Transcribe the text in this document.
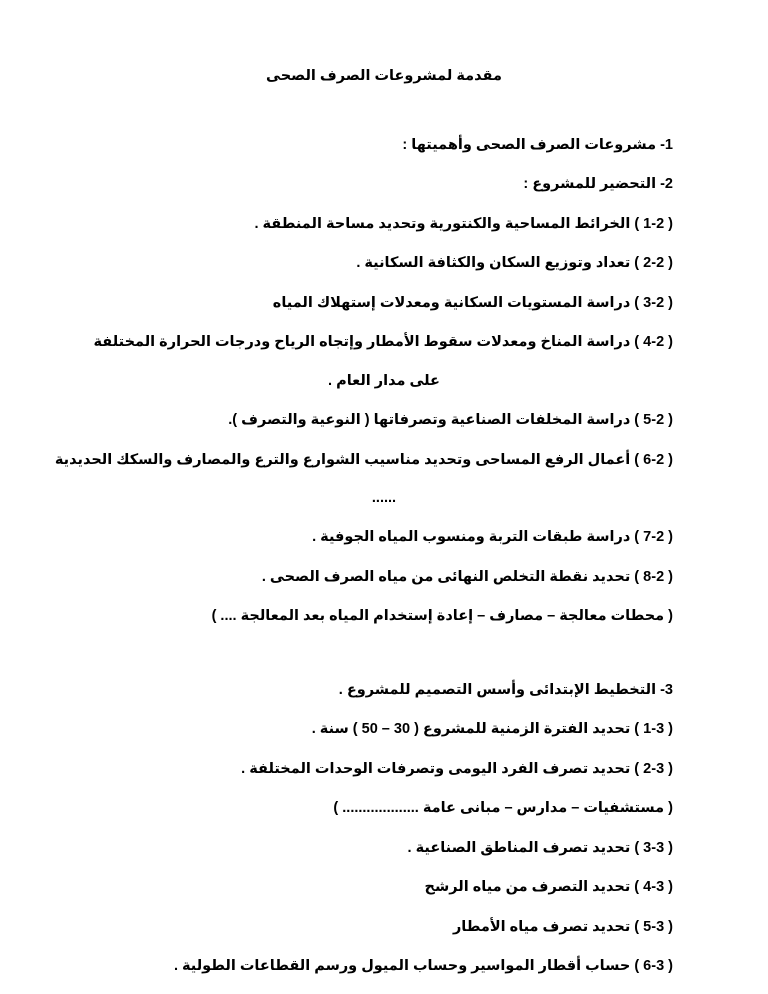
مقدمة لمشروعات الصرف الصحى
1- مشروعات الصرف الصحى وأهميتها :
2- التحضير للمشروع :
( 1-2 ) الخرائط المساحية والكنتورية وتحديد مساحة المنطقة .
( 2-2 ) تعداد وتوزيع السكان والكثافة السكانية .
( 3-2 ) دراسة المستويات السكانية ومعدلات إستهلاك المياه
( 4-2 ) دراسة المناخ ومعدلات سقوط الأمطار وإتجاه الرياح ودرجات الحرارة المختلفة
على مدار العام .
( 5-2 ) دراسة المخلفات الصناعية وتصرفاتها ( النوعية والتصرف ).
( 6-2 ) أعمال الرفع المساحى وتحديد مناسيب الشوارع والترع والمصارف والسكك الحديدية
......
( 7-2 ) دراسة طبقات التربة ومنسوب المياه الجوفية .
( 8-2 ) تحديد نقطة التخلص النهائى من مياه الصرف الصحى .
( محطات معالجة – مصارف – إعادة إستخدام المياه بعد المعالجة .... )
3- التخطيط الإبتدائى وأسس التصميم للمشروع .
( 1-3 ) تحديد الفترة الزمنية للمشروع ( 30 – 50 ) سنة .
( 2-3 ) تحديد تصرف الفرد اليومى وتصرفات الوحدات المختلفة .
( مستشفيات – مدارس – مبانى عامة ................... )
( 3-3 ) تحديد تصرف المناطق الصناعية .
( 4-3 ) تحديد التصرف من مياه الرشح
( 5-3 ) تحديد تصرف مياه الأمطار
( 6-3 ) حساب أقطار المواسير وحساب الميول ورسم القطاعات الطولية .
